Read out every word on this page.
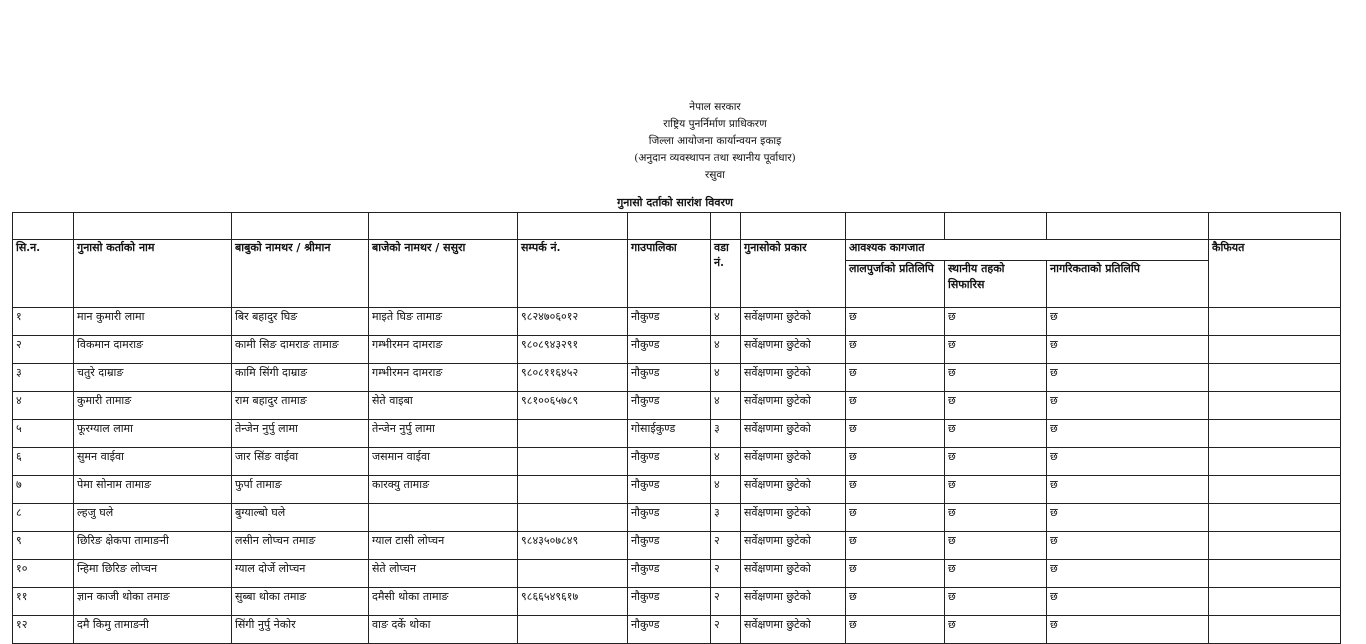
नेपाल सरकार
राष्ट्रिय पुनर्निर्माण प्राधिकरण
जिल्ला आयोजना कार्यान्वयन इकाइ
(अनुदान व्यवस्थापन तथा स्थानीय पूर्वाधार)
रसुवा
गुनासो दर्ताको सारांश विवरण

सि.न.	गुनासो कर्ताको नाम	बाबुको नामथर / श्रीमान	बाजेको नामथर / ससुरा	सम्पर्क नं.	गाउपालिका	वडा नं.	गुनासोको प्रकार	आवश्यक कागजात			कैफियत
								लालपुर्जाको प्रतिलिपि	स्थानीय तहको सिफारिस	नागरिकताको प्रतिलिपि	
१	मान कुमारी लामा	बिर बहादुर घिङ	माइते घिङ तामाङ	९८२४७०६०१२	नौकुण्ड	४	सर्वेक्षणमा छुटेको	छ	छ	छ	
२	विकमान दामराङ	कामी सिङ दामराङ तामाङ	गम्भीरमन दामराङ	९८०८९४३२९१	नौकुण्ड	४	सर्वेक्षणमा छुटेको	छ	छ	छ	
३	चतुरे दाम्राङ	कामि सिंगी दाम्राङ	गम्भीरमन दामराङ	९८०८११६४५२	नौकुण्ड	४	सर्वेक्षणमा छुटेको	छ	छ	छ	
४	कुमारी तामाङ	राम बहादुर तामाङ	सेते वाइबा	९८१००६५७८९	नौकुण्ड	४	सर्वेक्षणमा छुटेको	छ	छ	छ	
५	फूरग्याल लामा	तेन्जेन नुर्पु लामा	तेन्जेन नुर्पु लामा		गोसाईकुण्ड	३	सर्वेक्षणमा छुटेको	छ	छ	छ	
६	सुमन वाईवा	जार सिंङ वाईवा	जसमान वाईवा		नौकुण्ड	४	सर्वेक्षणमा छुटेको	छ	छ	छ	
७	पेमा सोनाम तामाङ	फुर्पा तामाङ	कारक्यु तामाङ		नौकुण्ड	४	सर्वेक्षणमा छुटेको	छ	छ	छ	
८	ल्हजु घले	बुग्याल्बो घले			नौकुण्ड	३	सर्वेक्षणमा छुटेको	छ	छ	छ	
९	छिरिङ क्षेकपा तामाङनी	लसीन लोप्चन तमाङ	ग्याल टासी लोप्चन	९८४३५०७८४९	नौकुण्ड	२	सर्वेक्षणमा छुटेको	छ	छ	छ	
१०	न्हिमा छिरिङ लोप्चन	ग्याल दोर्जे लोप्चन	सेते लोप्चन		नौकुण्ड	२	सर्वेक्षणमा छुटेको	छ	छ	छ	
११	ज्ञान काजी थोका तमाङ	सुब्बा थोका तमाङ	दमैसी थोका तामाङ	९८६६५४९६१७	नौकुण्ड	२	सर्वेक्षणमा छुटेको	छ	छ	छ	
१२	दमै किमु तामाङनी	सिंगी नुर्पु नेकोर	वाङ दर्के थोका		नौकुण्ड	२	सर्वेक्षणमा छुटेको	छ	छ	छ	
